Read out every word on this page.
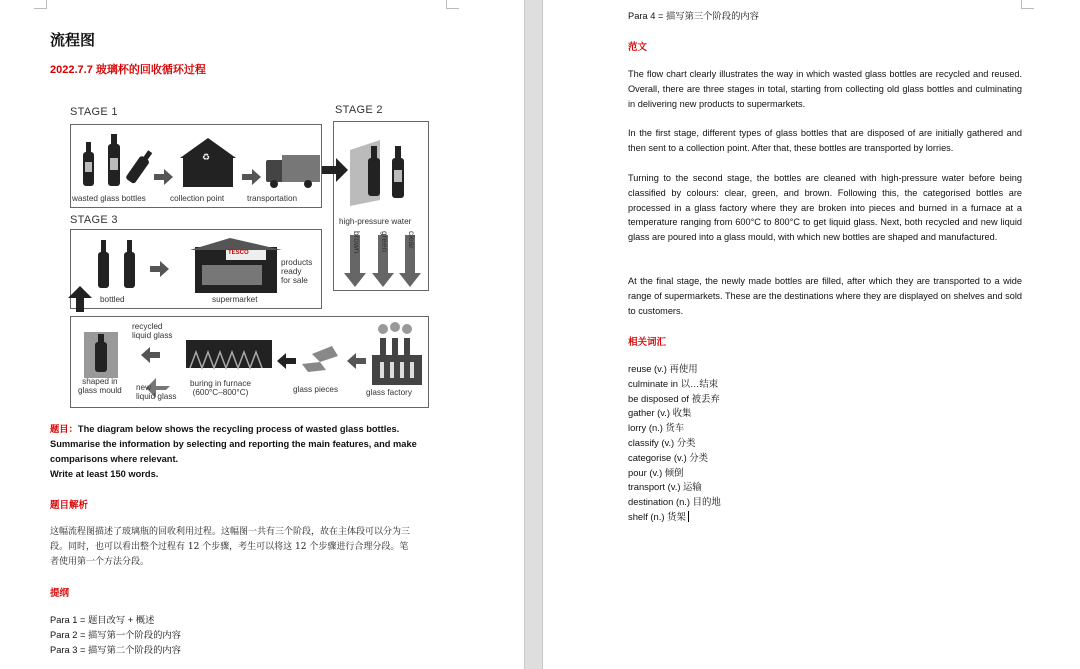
流程图
2022.7.7 玻璃杯的回收循环过程
STAGE 1	STAGE 2
STAGE 3
♻
wasted glass bottles	collection point	transportation
high-pressure water
brown green clear
bottled	supermarket
TESCO
products
ready
for sale
recycled
liquid glass
shaped in
glass mould new
liquid glass
buring in furnace
(600°C–800°C)	glass pieces	glass factory
题目：The diagram below shows the recycling process of wasted glass bottles.
Summarise the information by selecting and reporting the main features, and make
comparisons where relevant.
Write at least 150 words.
题目解析
这幅流程图描述了玻璃瓶的回收利用过程。这幅图一共有三个阶段，故在主体段可以分为三
段。同时，也可以看出整个过程有 12 个步骤，考生可以将这 12 个步骤进行合理分段。笔
者使用第一个方法分段。
提纲
Para 1 = 题目改写 + 概述
Para 2 = 描写第一个阶段的内容
Para 3 = 描写第二个阶段的内容
Para 4 = 描写第三个阶段的内容
范文

The flow chart clearly illustrates the way in which wasted glass bottles are recycled and reused. Overall, there are three stages in total, starting from collecting old glass bottles and culminating in delivering new products to supermarkets.

In the first stage, different types of glass bottles that are disposed of are initially gathered and then sent to a collection point. After that, these bottles are transported by lorries.

Turning to the second stage, the bottles are cleaned with high-pressure water before being classified by colours: clear, green, and brown. Following this, the categorised bottles are processed in a glass factory where they are broken into pieces and burned in a furnace at a temperature ranging from 600°C to 800°C to get liquid glass. Next, both recycled and new liquid glass are poured into a glass mould, with which new bottles are shaped and manufactured.

At the final stage, the newly made bottles are filled, after which they are transported to a wide range of supermarkets. These are the destinations where they are displayed on shelves and sold to customers.

相关词汇
reuse (v.) 再使用
culminate in 以…结束
be disposed of 被丢弃
gather (v.) 收集
lorry (n.) 货车
classify (v.) 分类
categorise (v.) 分类
pour (v.) 倾倒
transport (v.) 运输
destination (n.) 目的地
shelf (n.) 货架
